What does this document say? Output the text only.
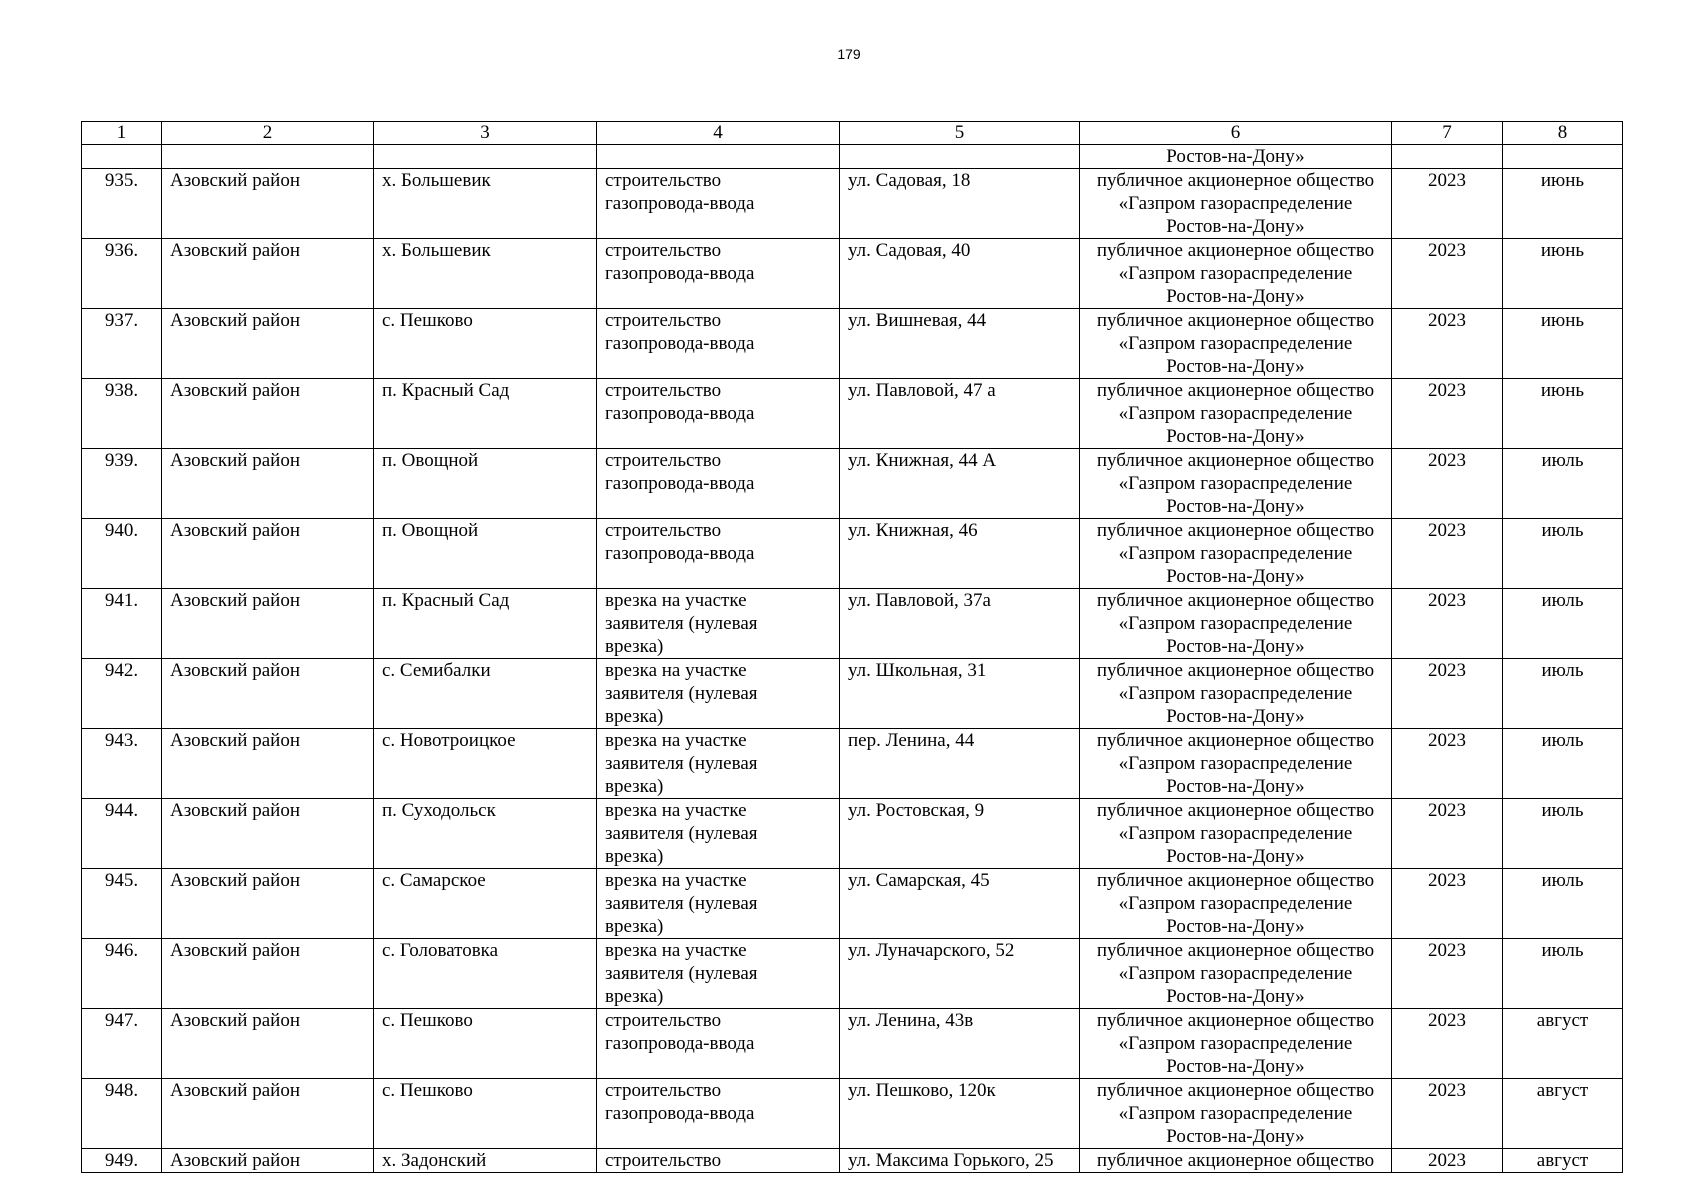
179
1	2	3	4	5	6	7	8
					Ростов-на-Дону»		
935.	Азовский район	х. Большевик	строительство
газопровода-ввода	ул. Садовая, 18	публичное акционерное общество
«Газпром газораспределение
Ростов-на-Дону»	2023	июнь
936.	Азовский район	х. Большевик	строительство
газопровода-ввода	ул. Садовая, 40	публичное акционерное общество
«Газпром газораспределение
Ростов-на-Дону»	2023	июнь
937.	Азовский район	с. Пешково	строительство
газопровода-ввода	ул. Вишневая, 44	публичное акционерное общество
«Газпром газораспределение
Ростов-на-Дону»	2023	июнь
938.	Азовский район	п. Красный Сад	строительство
газопровода-ввода	ул. Павловой, 47 а	публичное акционерное общество
«Газпром газораспределение
Ростов-на-Дону»	2023	июнь
939.	Азовский район	п. Овощной	строительство
газопровода-ввода	ул. Книжная, 44 А	публичное акционерное общество
«Газпром газораспределение
Ростов-на-Дону»	2023	июль
940.	Азовский район	п. Овощной	строительство
газопровода-ввода	ул. Книжная, 46	публичное акционерное общество
«Газпром газораспределение
Ростов-на-Дону»	2023	июль
941.	Азовский район	п. Красный Сад	врезка на участке
заявителя (нулевая
врезка)	ул. Павловой, 37а	публичное акционерное общество
«Газпром газораспределение
Ростов-на-Дону»	2023	июль
942.	Азовский район	с. Семибалки	врезка на участке
заявителя (нулевая
врезка)	ул. Школьная, 31	публичное акционерное общество
«Газпром газораспределение
Ростов-на-Дону»	2023	июль
943.	Азовский район	с. Новотроицкое	врезка на участке
заявителя (нулевая
врезка)	пер. Ленина, 44	публичное акционерное общество
«Газпром газораспределение
Ростов-на-Дону»	2023	июль
944.	Азовский район	п. Суходольск	врезка на участке
заявителя (нулевая
врезка)	ул. Ростовская, 9	публичное акционерное общество
«Газпром газораспределение
Ростов-на-Дону»	2023	июль
945.	Азовский район	с. Самарское	врезка на участке
заявителя (нулевая
врезка)	ул. Самарская, 45	публичное акционерное общество
«Газпром газораспределение
Ростов-на-Дону»	2023	июль
946.	Азовский район	с. Головатовка	врезка на участке
заявителя (нулевая
врезка)	ул. Луначарского, 52	публичное акционерное общество
«Газпром газораспределение
Ростов-на-Дону»	2023	июль
947.	Азовский район	с. Пешково	строительство
газопровода-ввода	ул. Ленина, 43в	публичное акционерное общество
«Газпром газораспределение
Ростов-на-Дону»	2023	август
948.	Азовский район	с. Пешково	строительство
газопровода-ввода	ул. Пешково, 120к	публичное акционерное общество
«Газпром газораспределение
Ростов-на-Дону»	2023	август
949.	Азовский район	х. Задонский	строительство	ул. Максима Горького, 25	публичное акционерное общество	2023	август
